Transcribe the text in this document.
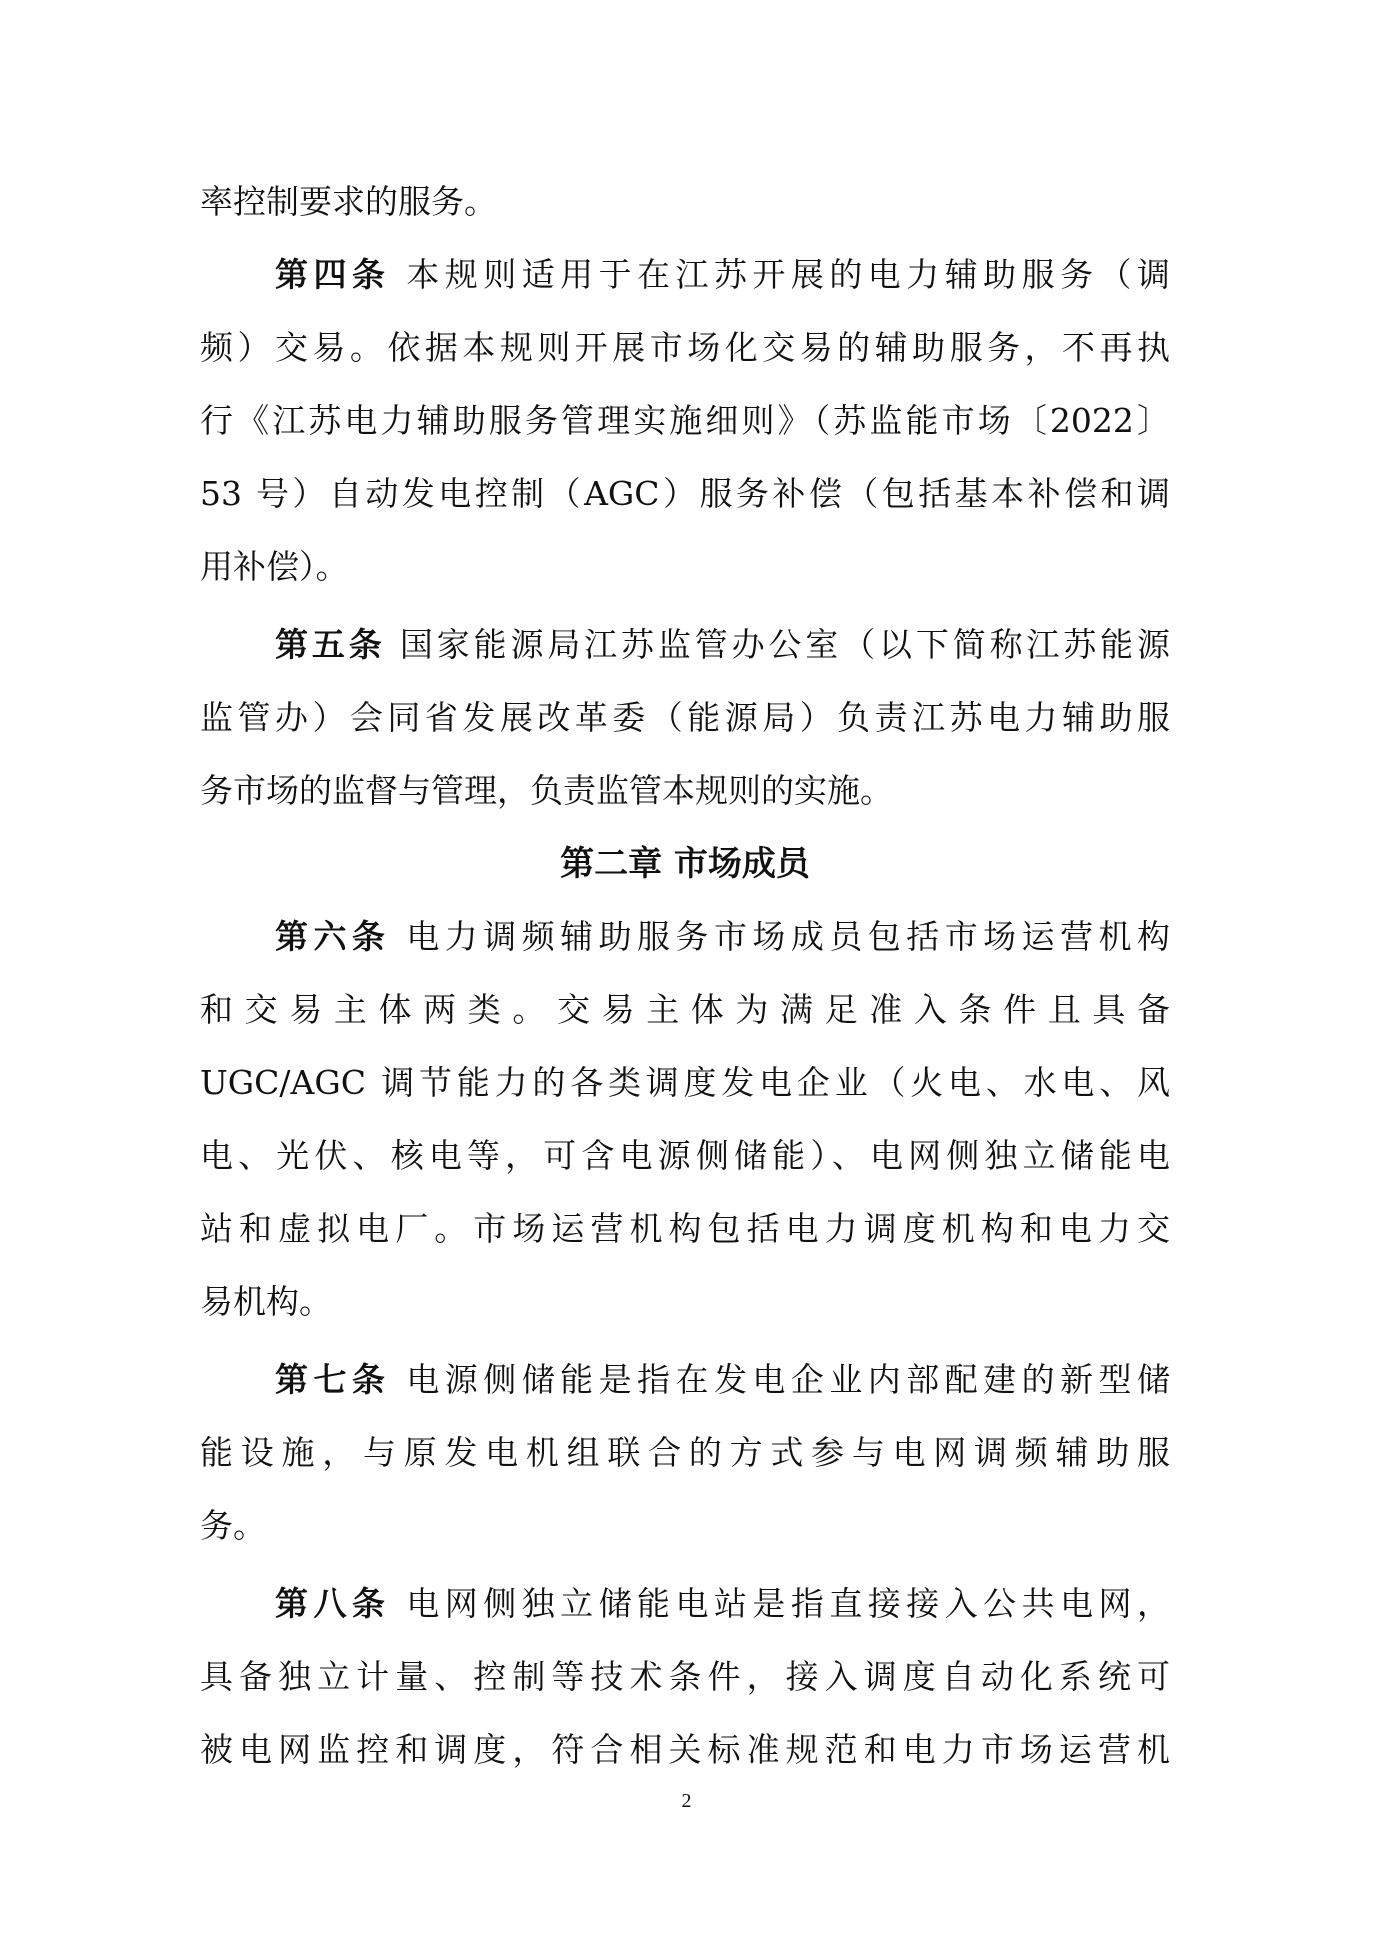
率控制要求的服务。
第四条 本规则适用于在江苏开展的电力辅助服务（调
频）交易。依据本规则开展市场化交易的辅助服务，不再执
行《江苏电力辅助服务管理实施细则》（苏监能市场〔2022〕
53 号）自动发电控制（AGC）服务补偿（包括基本补偿和调
用补偿）。
第五条 国家能源局江苏监管办公室（以下简称江苏能源
监管办）会同省发展改革委（能源局）负责江苏电力辅助服
务市场的监督与管理，负责监管本规则的实施。
第二章 市场成员
第六条 电力调频辅助服务市场成员包括市场运营机构
和交易主体两类。交易主体为满足准入条件且具备
UGC/AGC 调节能力的各类调度发电企业（火电、水电、风
电、光伏、核电等，可含电源侧储能）、电网侧独立储能电
站和虚拟电厂。市场运营机构包括电力调度机构和电力交
易机构。
第七条 电源侧储能是指在发电企业内部配建的新型储
能设施，与原发电机组联合的方式参与电网调频辅助服
务。
第八条 电网侧独立储能电站是指直接接入公共电网，
具备独立计量、控制等技术条件，接入调度自动化系统可
被电网监控和调度，符合相关标准规范和电力市场运营机
2
